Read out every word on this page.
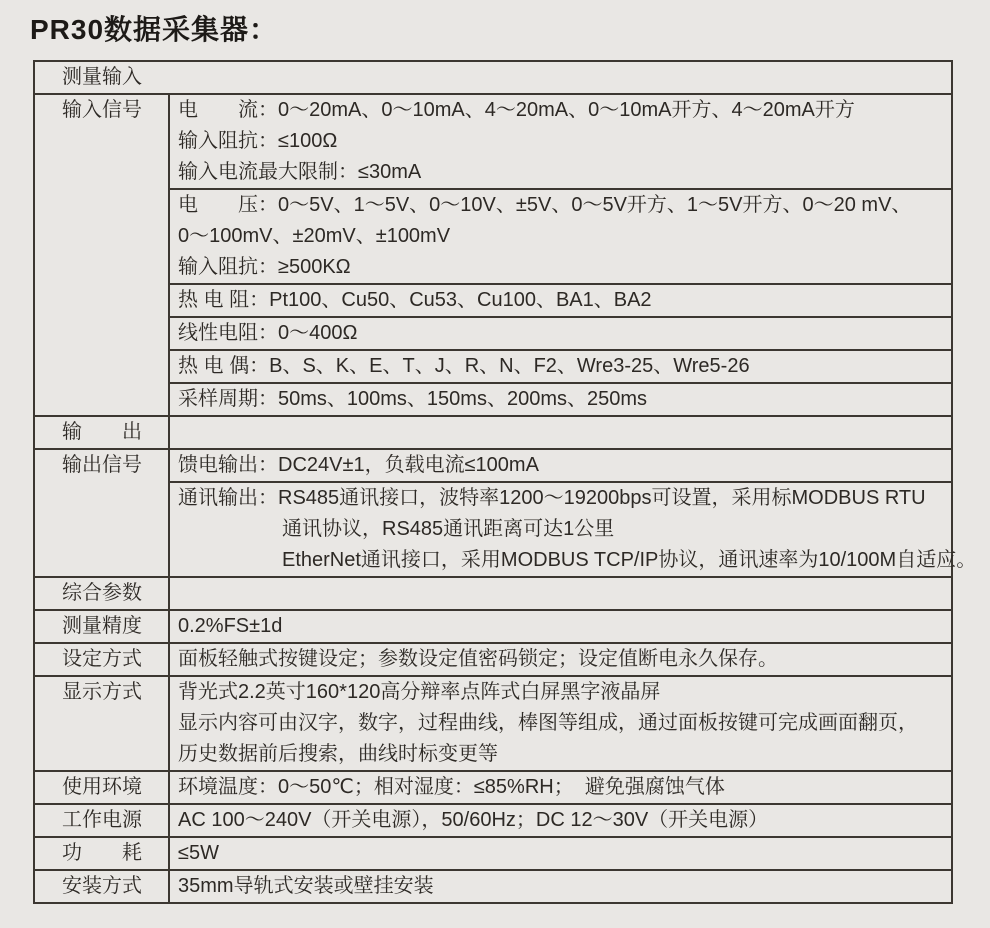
PR30数据采集器：
测量输入
输入信号	电　　流：0～20mA、0～10mA、4～20mA、0～10mA开方、4～20mA开方
输入阻抗：≤100Ω
输入电流最大限制：≤30mA
电　　压：0～5V、1～5V、0～10V、±5V、0～5V开方、1～5V开方、0～20 mV、
0～100mV、±20mV、±100mV
输入阻抗：≥500KΩ
热 电 阻：Pt100、Cu50、Cu53、Cu100、BA1、BA2
线性电阻：0～400Ω
热 电 偶：B、S、K、E、T、J、R、N、F2、Wre3-25、Wre5-26
采样周期：50ms、100ms、150ms、200ms、250ms
输　　出
输出信号	馈电输出：DC24V±1，负载电流≤100mA
通讯输出：RS485通讯接口，波特率1200～19200bps可设置，采用标MODBUS RTU
通讯协议，RS485通讯距离可达1公里
EtherNet通讯接口，采用MODBUS TCP/IP协议，通讯速率为10/100M自适应。
综合参数
测量精度	0.2%FS±1d
设定方式	面板轻触式按键设定；参数设定值密码锁定；设定值断电永久保存。
显示方式	背光式2.2英寸160*120高分辩率点阵式白屏黑字液晶屏
显示内容可由汉字，数字，过程曲线，棒图等组成，通过面板按键可完成画面翻页，
历史数据前后搜索，曲线时标变更等
使用环境	环境温度：0～50℃；相对湿度：≤85%RH；  避免强腐蚀气体
工作电源	AC 100～240V（开关电源），50/60Hz；DC 12～30V（开关电源）
功　　耗	≤5W
安装方式	35mm导轨式安装或壁挂安装
